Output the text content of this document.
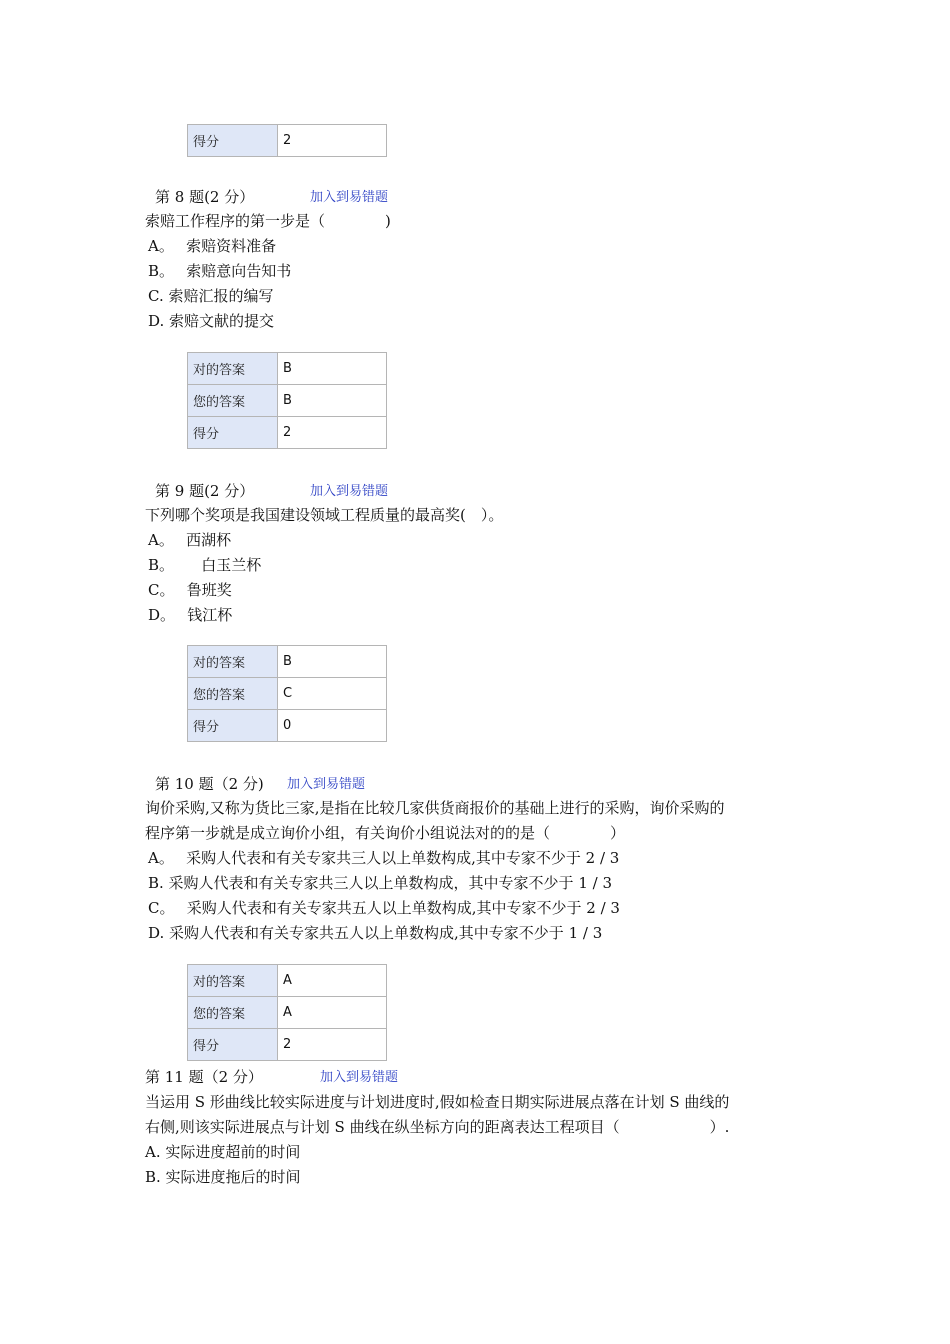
得分	2
第 8 题(2 分）	加入到易错题
索赔工作程序的第一步是（　　　　)
A。　 索赔资料准备
B。　 索赔意向告知书
C. 索赔汇报的编写
D. 索赔文献的提交
对的答案	B
您的答案	B
得分	2
第 9 题(2 分）	加入到易错题
下列哪个奖项是我国建设领域工程质量的最高奖(　）。
A。　 西湖杯
B。　 　白玉兰杯
C。　 鲁班奖
D。　 钱江杯
对的答案	B
您的答案	C
得分	0
第 10 题（2 分) 加入到易错题
询价采购,又称为货比三家,是指在比较几家供货商报价的基础上进行的采购，询价采购的
程序第一步就是成立询价小组，有关询价小组说法对的的是（　　　　）
A。　 采购人代表和有关专家共三人以上单数构成,其中专家不少于 2 / 3
B. 采购人代表和有关专家共三人以上单数构成，其中专家不少于 1 / 3
C。　 采购人代表和有关专家共五人以上单数构成,其中专家不少于 2 / 3
D. 采购人代表和有关专家共五人以上单数构成,其中专家不少于 1 / 3
对的答案	A
您的答案	A
得分	2
第 11 题（2 分）	加入到易错题
当运用 S 形曲线比较实际进度与计划进度时,假如检查日期实际进展点落在计划 S 曲线的
右侧,则该实际进展点与计划 S 曲线在纵坐标方向的距离表达工程项目（　　　　　　）.
A. 实际进度超前的时间
B. 实际进度拖后的时间
